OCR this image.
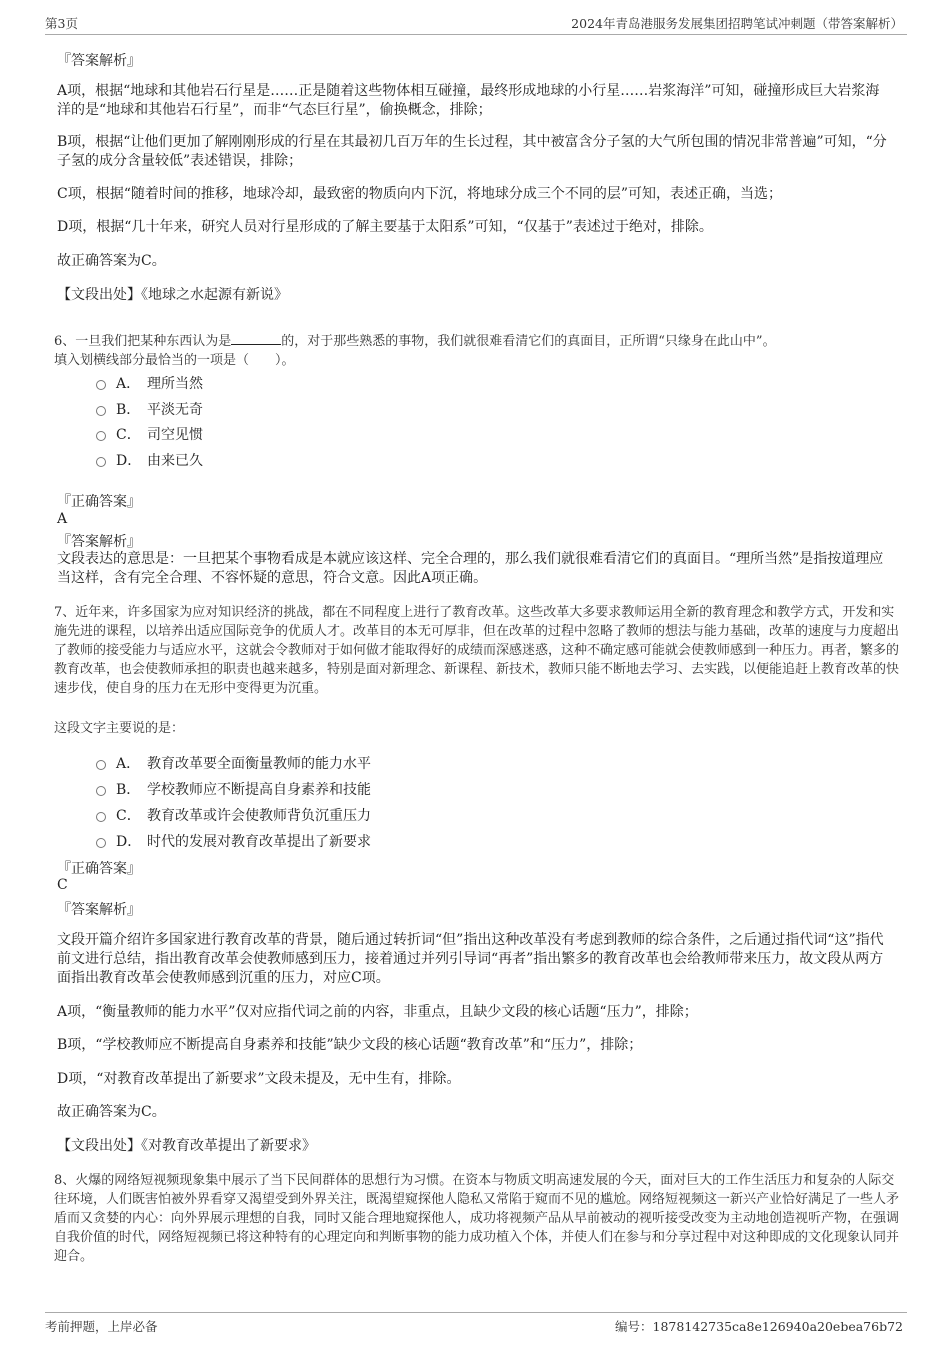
第3页	2024年青岛港服务发展集团招聘笔试冲刺题（带答案解析）
『答案解析』
A项，根据“地球和其他岩石行星是……正是随着这些物体相互碰撞，最终形成地球的小行星……岩浆海洋”可知，碰撞形成巨大岩浆海洋的是“地球和其他岩石行星”，而非“气态巨行星”，偷换概念，排除；
B项，根据“让他们更加了解刚刚形成的行星在其最初几百万年的生长过程，其中被富含分子氢的大气所包围的情况非常普遍”可知，“分子氢的成分含量较低”表述错误，排除；
C项，根据“随着时间的推移，地球冷却，最致密的物质向内下沉，将地球分成三个不同的层”可知，表述正确，当选；
D项，根据“几十年来，研究人员对行星形成的了解主要基于太阳系”可知，“仅基于”表述过于绝对，排除。
故正确答案为C。
【文段出处】《地球之水起源有新说》
6、一旦我们把某种东西认为是	的，对于那些熟悉的事物，我们就很难看清它们的真面目，正所谓“只缘身在此山中”。
填入划横线部分最恰当的一项是（　　）。
A． 理所当然
B． 平淡无奇
C． 司空见惯
D． 由来已久
『正确答案』
A
『答案解析』
文段表达的意思是：一旦把某个事物看成是本就应该这样、完全合理的，那么我们就很难看清它们的真面目。“理所当然”是指按道理应当这样，含有完全合理、不容怀疑的意思，符合文意。因此A项正确。
7、近年来，许多国家为应对知识经济的挑战，都在不同程度上进行了教育改革。这些改革大多要求教师运用全新的教育理念和教学方式，开发和实施先进的课程，以培养出适应国际竞争的优质人才。改革目的本无可厚非，但在改革的过程中忽略了教师的想法与能力基础，改革的速度与力度超出了教师的接受能力与适应水平，这就会令教师对于如何做才能取得好的成绩而深感迷惑，这种不确定感可能就会使教师感到一种压力。再者，繁多的教育改革，也会使教师承担的职责也越来越多，特别是面对新理念、新课程、新技术，教师只能不断地去学习、去实践，以便能追赶上教育改革的快速步伐，使自身的压力在无形中变得更为沉重。
这段文字主要说的是：
A． 教育改革要全面衡量教师的能力水平
B． 学校教师应不断提高自身素养和技能
C． 教育改革或许会使教师背负沉重压力
D． 时代的发展对教育改革提出了新要求
『正确答案』
C
『答案解析』
文段开篇介绍许多国家进行教育改革的背景，随后通过转折词“但”指出这种改革没有考虑到教师的综合条件，之后通过指代词“这”指代前文进行总结，指出教育改革会使教师感到压力，接着通过并列引导词“再者”指出繁多的教育改革也会给教师带来压力，故文段从两方面指出教育改革会使教师感到沉重的压力，对应C项。
A项，“衡量教师的能力水平”仅对应指代词之前的内容，非重点，且缺少文段的核心话题“压力”，排除；
B项，“学校教师应不断提高自身素养和技能”缺少文段的核心话题“教育改革”和“压力”，排除；
D项，“对教育改革提出了新要求”文段未提及，无中生有，排除。
故正确答案为C。
【文段出处】《对教育改革提出了新要求》
8、火爆的网络短视频现象集中展示了当下民间群体的思想行为习惯。在资本与物质文明高速发展的今天，面对巨大的工作生活压力和复杂的人际交往环境，人们既害怕被外界看穿又渴望受到外界关注，既渴望窥探他人隐私又常陷于窥而不见的尴尬。网络短视频这一新兴产业恰好满足了一些人矛盾而又贪婪的内心：向外界展示理想的自我，同时又能合理地窥探他人，成功将视频产品从早前被动的视听接受改变为主动地创造视听产物，在强调自我价值的时代，网络短视频已将这种特有的心理定向和判断事物的能力成功植入个体，并使人们在参与和分享过程中对这种即成的文化现象认同并迎合。
考前押题，上岸必备	编号：1878142735ca8e126940a20ebea76b72
